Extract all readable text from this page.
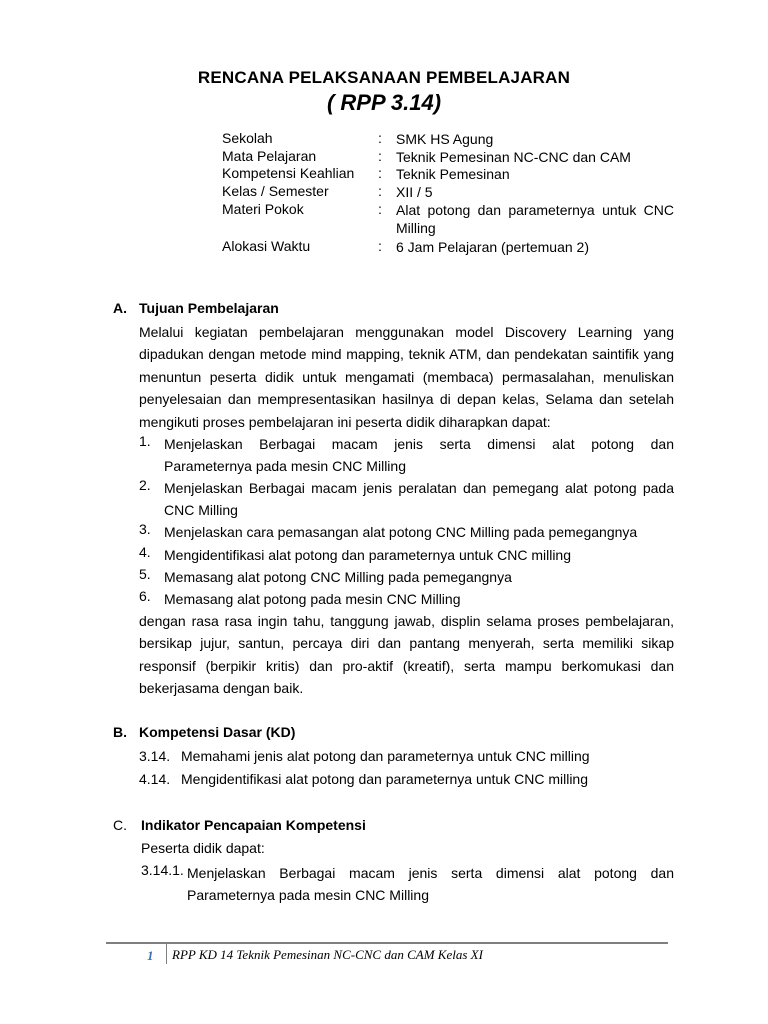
RENCANA PELAKSANAAN PEMBELAJARAN
( RPP 3.14)
Sekolah	: SMK HS Agung
Mata Pelajaran	: Teknik Pemesinan NC-CNC dan CAM
Kompetensi Keahlian : Teknik Pemesinan
Kelas / Semester	: XII / 5
Materi Pokok	: Alat potong dan parameternya untuk CNC
Milling
Alokasi Waktu	: 6 Jam Pelajaran (pertemuan 2)
A. Tujuan Pembelajaran
Melalui kegiatan pembelajaran menggunakan model Discovery Learning yang
dipadukan dengan metode mind mapping, teknik ATM, dan pendekatan saintifik yang
menuntun peserta didik untuk mengamati (membaca) permasalahan, menuliskan
penyelesaian dan mempresentasikan hasilnya di depan kelas, Selama dan setelah
mengikuti proses pembelajaran ini peserta didik diharapkan dapat:
1. Menjelaskan Berbagai macam jenis serta dimensi alat potong dan
Parameternya pada mesin CNC Milling
2. Menjelaskan Berbagai macam jenis peralatan dan pemegang alat potong pada
CNC Milling
3. Menjelaskan cara pemasangan alat potong CNC Milling pada pemegangnya
4. Mengidentifikasi alat potong dan parameternya untuk CNC milling
5. Memasang alat potong CNC Milling pada pemegangnya
6. Memasang alat potong pada mesin CNC Milling
dengan rasa rasa ingin tahu, tanggung jawab, displin selama proses pembelajaran,
bersikap jujur, santun, percaya diri dan pantang menyerah, serta memiliki sikap
responsif (berpikir kritis) dan pro-aktif (kreatif), serta mampu berkomukasi dan
bekerjasama dengan baik.
B. Kompetensi Dasar (KD)
3.14. Memahami jenis alat potong dan parameternya untuk CNC milling
4.14. Mengidentifikasi alat potong dan parameternya untuk CNC milling
C. Indikator Pencapaian Kompetensi
Peserta didik dapat:
3.14.1. Menjelaskan Berbagai macam jenis serta dimensi alat potong dan
Parameternya pada mesin CNC Milling
1 RPP KD 14 Teknik Pemesinan NC-CNC dan CAM Kelas XI
